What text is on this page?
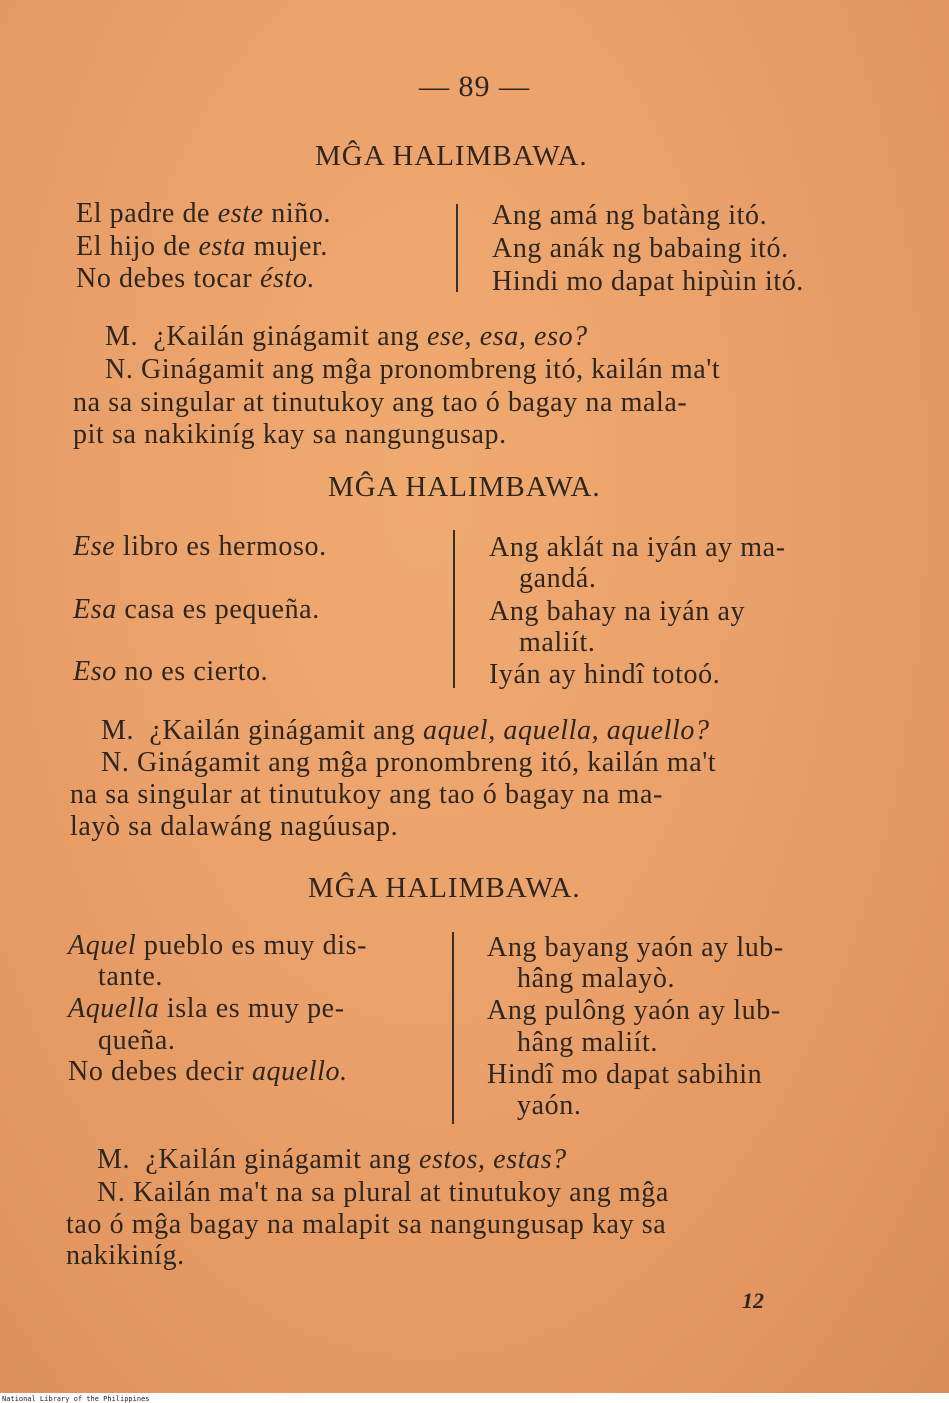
— 89 —
MĜA HALIMBAWA.
El padre de este niño.
El hijo de esta mujer.
No debes tocar ésto.
Ang amá ng batàng itó.
Ang anák ng babaing itó.
Hindi mo dapat hipùin itó.
M. ¿Kailán ginágamit ang ese, esa, eso?
N. Ginágamit ang mĝa pronombreng itó, kailán ma't
na sa singular at tinutukoy ang tao ó bagay na mala-
pit sa nakikiníg kay sa nangungusap.
MĜA HALIMBAWA.
Ese libro es hermoso.
Esa casa es pequeña.
Eso no es cierto.
Ang aklát na iyán ay ma-
gandá.
Ang bahay na iyán ay
maliít.
Iyán ay hindî totoó.
M. ¿Kailán ginágamit ang aquel, aquella, aquello?
N. Ginágamit ang mĝa pronombreng itó, kailán ma't
na sa singular at tinutukoy ang tao ó bagay na ma-
layò sa dalawáng nagúusap.
MĜA HALIMBAWA.
Aquel pueblo es muy dis-
tante.
Aquella isla es muy pe-
queña.
No debes decir aquello.
Ang bayang yaón ay lub-
hâng malayò.
Ang pulông yaón ay lub-
hâng maliít.
Hindî mo dapat sabihin
yaón.
M. ¿Kailán ginágamit ang estos, estas?
N. Kailán ma't na sa plural at tinutukoy ang mĝa
tao ó mĝa bagay na malapit sa nangungusap kay sa
nakikiníg.
12
National Library of the Philippines
